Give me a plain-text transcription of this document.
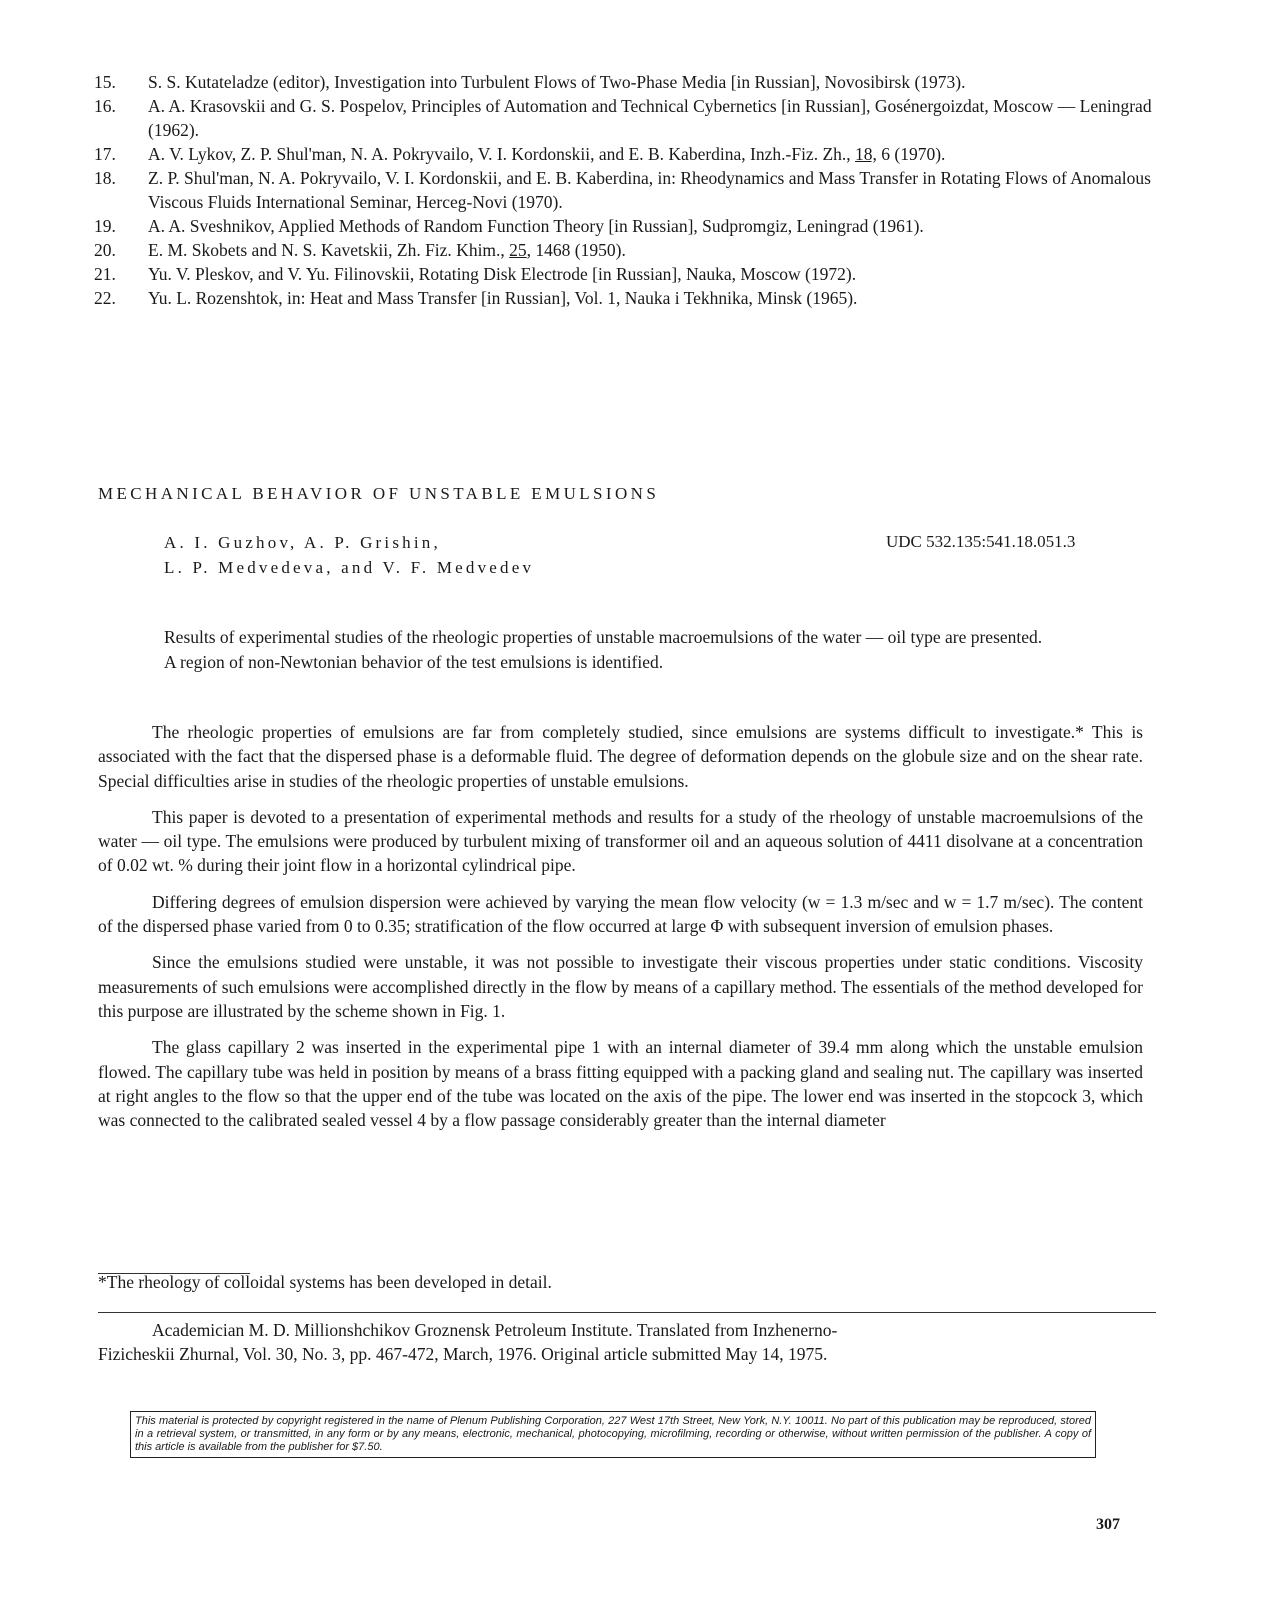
15.	S. S. Kutateladze (editor), Investigation into Turbulent Flows of Two-Phase Media [in Russian], Novosibirsk (1973).
16.	A. A. Krasovskii and G. S. Pospelov, Principles of Automation and Technical Cybernetics [in Russian], Gosénergoizdat, Moscow — Leningrad (1962).
17.	A. V. Lykov, Z. P. Shul'man, N. A. Pokryvailo, V. I. Kordonskii, and E. B. Kaberdina, Inzh.-Fiz. Zh., 18, 6 (1970).
18.	Z. P. Shul'man, N. A. Pokryvailo, V. I. Kordonskii, and E. B. Kaberdina, in: Rheodynamics and Mass Transfer in Rotating Flows of Anomalous Viscous Fluids International Seminar, Herceg-Novi (1970).
19.	A. A. Sveshnikov, Applied Methods of Random Function Theory [in Russian], Sudpromgiz, Leningrad (1961).
20.	E. M. Skobets and N. S. Kavetskii, Zh. Fiz. Khim., 25, 1468 (1950).
21.	Yu. V. Pleskov, and V. Yu. Filinovskii, Rotating Disk Electrode [in Russian], Nauka, Moscow (1972).
22.	Yu. L. Rozenshtok, in: Heat and Mass Transfer [in Russian], Vol. 1, Nauka i Tekhnika, Minsk (1965).
MECHANICAL BEHAVIOR OF UNSTABLE EMULSIONS
A. I. Guzhov, A. P. Grishin,
L. P. Medvedeva, and V. F. Medvedev
UDC 532.135:541.18.051.3
Results of experimental studies of the rheologic properties of unstable macroemulsions of the water — oil type are presented. A region of non-Newtonian behavior of the test emulsions is identified.

The rheologic properties of emulsions are far from completely studied, since emulsions are systems difficult to investigate.* This is associated with the fact that the dispersed phase is a deformable fluid. The degree of deformation depends on the globule size and on the shear rate. Special difficulties arise in studies of the rheologic properties of unstable emulsions.

This paper is devoted to a presentation of experimental methods and results for a study of the rheology of unstable macroemulsions of the water — oil type. The emulsions were produced by turbulent mixing of transformer oil and an aqueous solution of 4411 disolvane at a concentration of 0.02 wt. % during their joint flow in a horizontal cylindrical pipe.

Differing degrees of emulsion dispersion were achieved by varying the mean flow velocity (w = 1.3 m/sec and w = 1.7 m/sec). The content of the dispersed phase varied from 0 to 0.35; stratification of the flow occurred at large Φ with subsequent inversion of emulsion phases.

Since the emulsions studied were unstable, it was not possible to investigate their viscous properties under static conditions. Viscosity measurements of such emulsions were accomplished directly in the flow by means of a capillary method. The essentials of the method developed for this purpose are illustrated by the scheme shown in Fig. 1.

The glass capillary 2 was inserted in the experimental pipe 1 with an internal diameter of 39.4 mm along which the unstable emulsion flowed. The capillary tube was held in position by means of a brass fitting equipped with a packing gland and sealing nut. The capillary was inserted at right angles to the flow so that the upper end of the tube was located on the axis of the pipe. The lower end was inserted in the stopcock 3, which was connected to the calibrated sealed vessel 4 by a flow passage considerably greater than the internal diameter

*The rheology of colloidal systems has been developed in detail.
Academician M. D. Millionshchikov Groznensk Petroleum Institute. Translated from Inzhenerno-
Fizicheskii Zhurnal, Vol. 30, No. 3, pp. 467-472, March, 1976. Original article submitted May 14, 1975.
This material is protected by copyright registered in the name of Plenum Publishing Corporation, 227 West 17th Street, New York, N.Y. 10011. No part of this publication may be reproduced, stored in a retrieval system, or transmitted, in any form or by any means, electronic, mechanical, photocopying, microfilming, recording or otherwise, without written permission of the publisher. A copy of this article is available from the publisher for $7.50.
307
